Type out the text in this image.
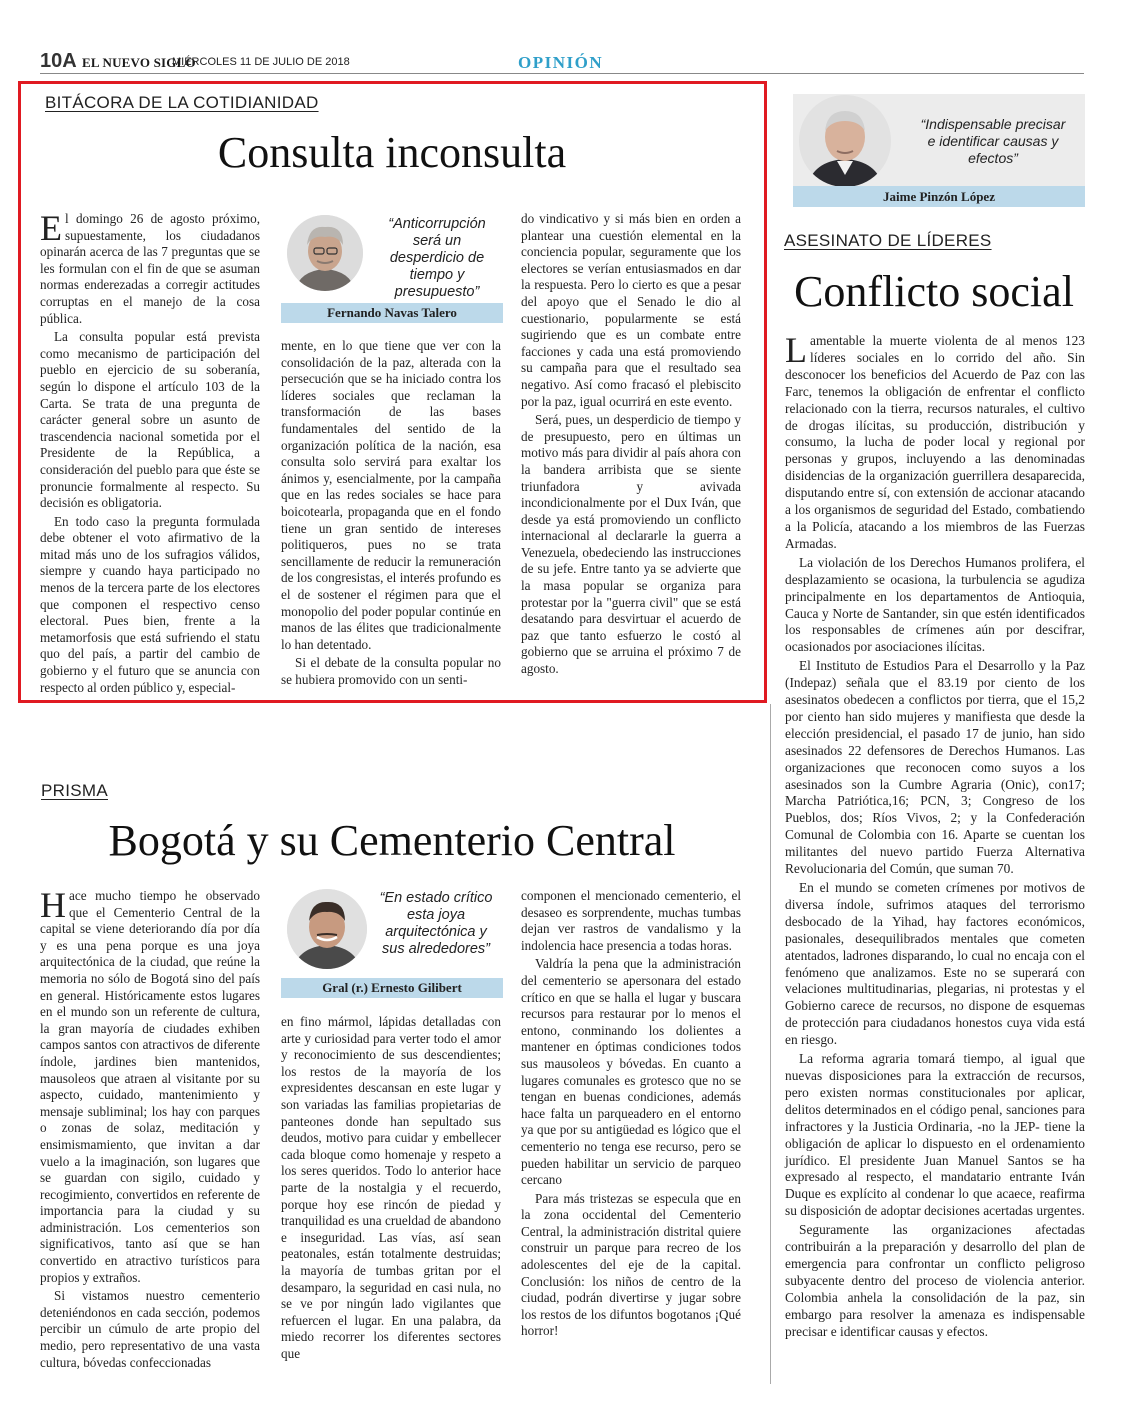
10A EL NUEVO SIGLO
MIÉRCOLES 11 DE JULIO DE 2018	OPINIÓN
BITÁCORA DE LA COTIDIANIDAD
Consulta inconsulta

El domingo 26 de agosto próximo, supuestamente, los ciudadanos opinarán acerca de las 7 preguntas que se les formulan con el fin de que se asuman normas enderezadas a corregir actitudes corruptas en el manejo de la cosa pública.

La consulta popular está prevista como mecanismo de participación del pueblo en ejercicio de su soberanía, según lo dispone el artículo 103 de la Carta. Se trata de una pregunta de carácter general sobre un asunto de trascendencia nacional sometida por el Presidente de la República, a consideración del pueblo para que éste se pronuncie formalmente al respecto. Su decisión es obligatoria.

En todo caso la pregunta formulada debe obtener el voto afirmativo de la mitad más uno de los sufragios válidos, siempre y cuando haya participado no menos de la tercera parte de los electores que componen el respectivo censo electoral. Pues bien, frente a la metamorfosis que está sufriendo el statu quo del país, a partir del cambio de gobierno y el futuro que se anuncia con respecto al orden público y, especial-

“Anticorrupción será un desperdicio de tiempo y presupuesto”
Fernando Navas Talero

mente, en lo que tiene que ver con la consolidación de la paz, alterada con la persecución que se ha iniciado contra los líderes sociales que reclaman la transformación de las bases fundamentales del sentido de la organización política de la nación, esa consulta solo servirá para exaltar los ánimos y, esencialmente, por la campaña que en las redes sociales se hace para boicotearla, propaganda que en el fondo tiene un gran sentido de intereses politiqueros, pues no se trata sencillamente de reducir la remuneración de los congresistas, el interés profundo es el de sostener el régimen para que el monopolio del poder popular continúe en manos de las élites que tradicionalmente lo han detentado.

Si el debate de la consulta popular no se hubiera promovido con un senti-

do vindicativo y si más bien en orden a plantear una cuestión elemental en la conciencia popular, seguramente que los electores se verían entusiasmados en dar la respuesta. Pero lo cierto es que a pesar del apoyo que el Senado le dio al cuestionario, popularmente se está sugiriendo que es un combate entre facciones y cada una está promoviendo su campaña para que el resultado sea negativo. Así como fracasó el plebiscito por la paz, igual ocurrirá en este evento.

Será, pues, un desperdicio de tiempo y de presupuesto, pero en últimas un motivo más para dividir al país ahora con la bandera arribista que se siente triunfadora y avivada incondicionalmente por el Dux Iván, que desde ya está promoviendo un conflicto internacional al declararle la guerra a Venezuela, obedeciendo las instrucciones de su jefe. Entre tanto ya se advierte que la masa popular se organiza para protestar por la "guerra civil" que se está desatando para desvirtuar el acuerdo de paz que tanto esfuerzo le costó al gobierno que se arruina el próximo 7 de agosto.

“Indispensable precisar e identificar causas y efectos”
Jaime Pinzón López
ASESINATO DE LÍDERES
Conflicto social

Lamentable la muerte violenta de al menos 123 líderes sociales en lo corrido del año. Sin desconocer los beneficios del Acuerdo de Paz con las Farc, tenemos la obligación de enfrentar el conflicto relacionado con la tierra, recursos naturales, el cultivo de drogas ilícitas, su producción, distribución y consumo, la lucha de poder local y regional por personas y grupos, incluyendo a las denominadas disidencias de la organización guerrillera desaparecida, disputando entre sí, con extensión de accionar atacando a los organismos de seguridad del Estado, combatiendo a la Policía, atacando a los miembros de las Fuerzas Armadas.

La violación de los Derechos Humanos prolifera, el desplazamiento se ocasiona, la turbulencia se agudiza principalmente en los departamentos de Antioquia, Cauca y Norte de Santander, sin que estén identificados los responsables de crímenes aún por descifrar, ocasionados por asociaciones ilícitas.

El Instituto de Estudios Para el Desarrollo y la Paz (Indepaz) señala que el 83.19 por ciento de los asesinatos obedecen a conflictos por tierra, que el 15,2 por ciento han sido mujeres y manifiesta que desde la elección presidencial, el pasado 17 de junio, han sido asesinados 22 defensores de Derechos Humanos. Las organizaciones que reconocen como suyos a los asesinados son la Cumbre Agraria (Onic), con17; Marcha Patriótica,16; PCN, 3; Congreso de los Pueblos, dos; Ríos Vivos, 2; y la Confederación Comunal de Colombia con 16. Aparte se cuentan los militantes del nuevo partido Fuerza Alternativa Revolucionaria del Común, que suman 70.

En el mundo se cometen crímenes por motivos de diversa índole, sufrimos ataques del terrorismo desbocado de la Yihad, hay factores económicos, pasionales, desequilibrados mentales que cometen atentados, ladrones disparando, lo cual no encaja con el fenómeno que analizamos. Este no se superará con velaciones multitudinarias, plegarias, ni protestas y el Gobierno carece de recursos, no dispone de esquemas de protección para ciudadanos honestos cuya vida está en riesgo.

La reforma agraria tomará tiempo, al igual que nuevas disposiciones para la extracción de recursos, pero existen normas constitucionales por aplicar, delitos determinados en el código penal, sanciones para infractores y la Justicia Ordinaria, -no la JEP- tiene la obligación de aplicar lo dispuesto en el ordenamiento jurídico. El presidente Juan Manuel Santos se ha expresado al respecto, el mandatario entrante Iván Duque es explícito al condenar lo que acaece, reafirma su disposición de adoptar decisiones acertadas urgentes.

Seguramente las organizaciones afectadas contribuirán a la preparación y desarrollo del plan de emergencia para confrontar un conflicto peligroso subyacente dentro del proceso de violencia anterior. Colombia anhela la consolidación de la paz, sin embargo para resolver la amenaza es indispensable precisar e identificar causas y efectos.

PRISMA
Bogotá y su Cementerio Central

Hace mucho tiempo he observado que el Cementerio Central de la capital se viene deteriorando día por día y es una pena porque es una joya arquitectónica de la ciudad, que reúne la memoria no sólo de Bogotá sino del país en general. Históricamente estos lugares en el mundo son un referente de cultura, la gran mayoría de ciudades exhiben campos santos con atractivos de diferente índole, jardines bien mantenidos, mausoleos que atraen al visitante por su aspecto, cuidado, mantenimiento y mensaje subliminal; los hay con parques o zonas de solaz, meditación y ensimismamiento, que invitan a dar vuelo a la imaginación, son lugares que se guardan con sigilo, cuidado y recogimiento, convertidos en referente de importancia para la ciudad y su administración. Los cementerios son significativos, tanto así que se han convertido en atractivo turísticos para propios y extraños.

Si vistamos nuestro cementerio deteniéndonos en cada sección, podemos percibir un cúmulo de arte propio del medio, pero representativo de una vasta cultura, bóvedas confeccionadas

“En estado crítico esta joya arquitectónica y sus alrededores”
Gral (r.) Ernesto Gilibert

en fino mármol, lápidas detalladas con arte y curiosidad para verter todo el amor y reconocimiento de sus descendientes; los restos de la mayoría de los expresidentes descansan en este lugar y son variadas las familias propietarias de panteones donde han sepultado sus deudos, motivo para cuidar y embellecer cada bloque como homenaje y respeto a los seres queridos. Todo lo anterior hace parte de la nostalgia y el recuerdo, porque hoy ese rincón de piedad y tranquilidad es una crueldad de abandono e inseguridad. Las vías, así sean peatonales, están totalmente destruidas; la mayoría de tumbas gritan por el desamparo, la seguridad en casi nula, no se ve por ningún lado vigilantes que refuercen el lugar. En una palabra, da miedo recorrer los diferentes sectores que

componen el mencionado cementerio, el desaseo es sorprendente, muchas tumbas dejan ver rastros de vandalismo y la indolencia hace presencia a todas horas.

Valdría la pena que la administración del cementerio se apersonara del estado crítico en que se halla el lugar y buscara recursos para restaurar por lo menos el entono, conminando los dolientes a mantener en óptimas condiciones todos sus mausoleos y bóvedas. En cuanto a lugares comunales es grotesco que no se tengan en buenas condiciones, además hace falta un parqueadero en el entorno ya que por su antigüedad es lógico que el cementerio no tenga ese recurso, pero se pueden habilitar un servicio de parqueo cercano

Para más tristezas se especula que en la zona occidental del Cementerio Central, la administración distrital quiere construir un parque para recreo de los adolescentes del eje de la capital. Conclusión: los niños de centro de la ciudad, podrán divertirse y jugar sobre los restos de los difuntos bogotanos ¡Qué horror!
